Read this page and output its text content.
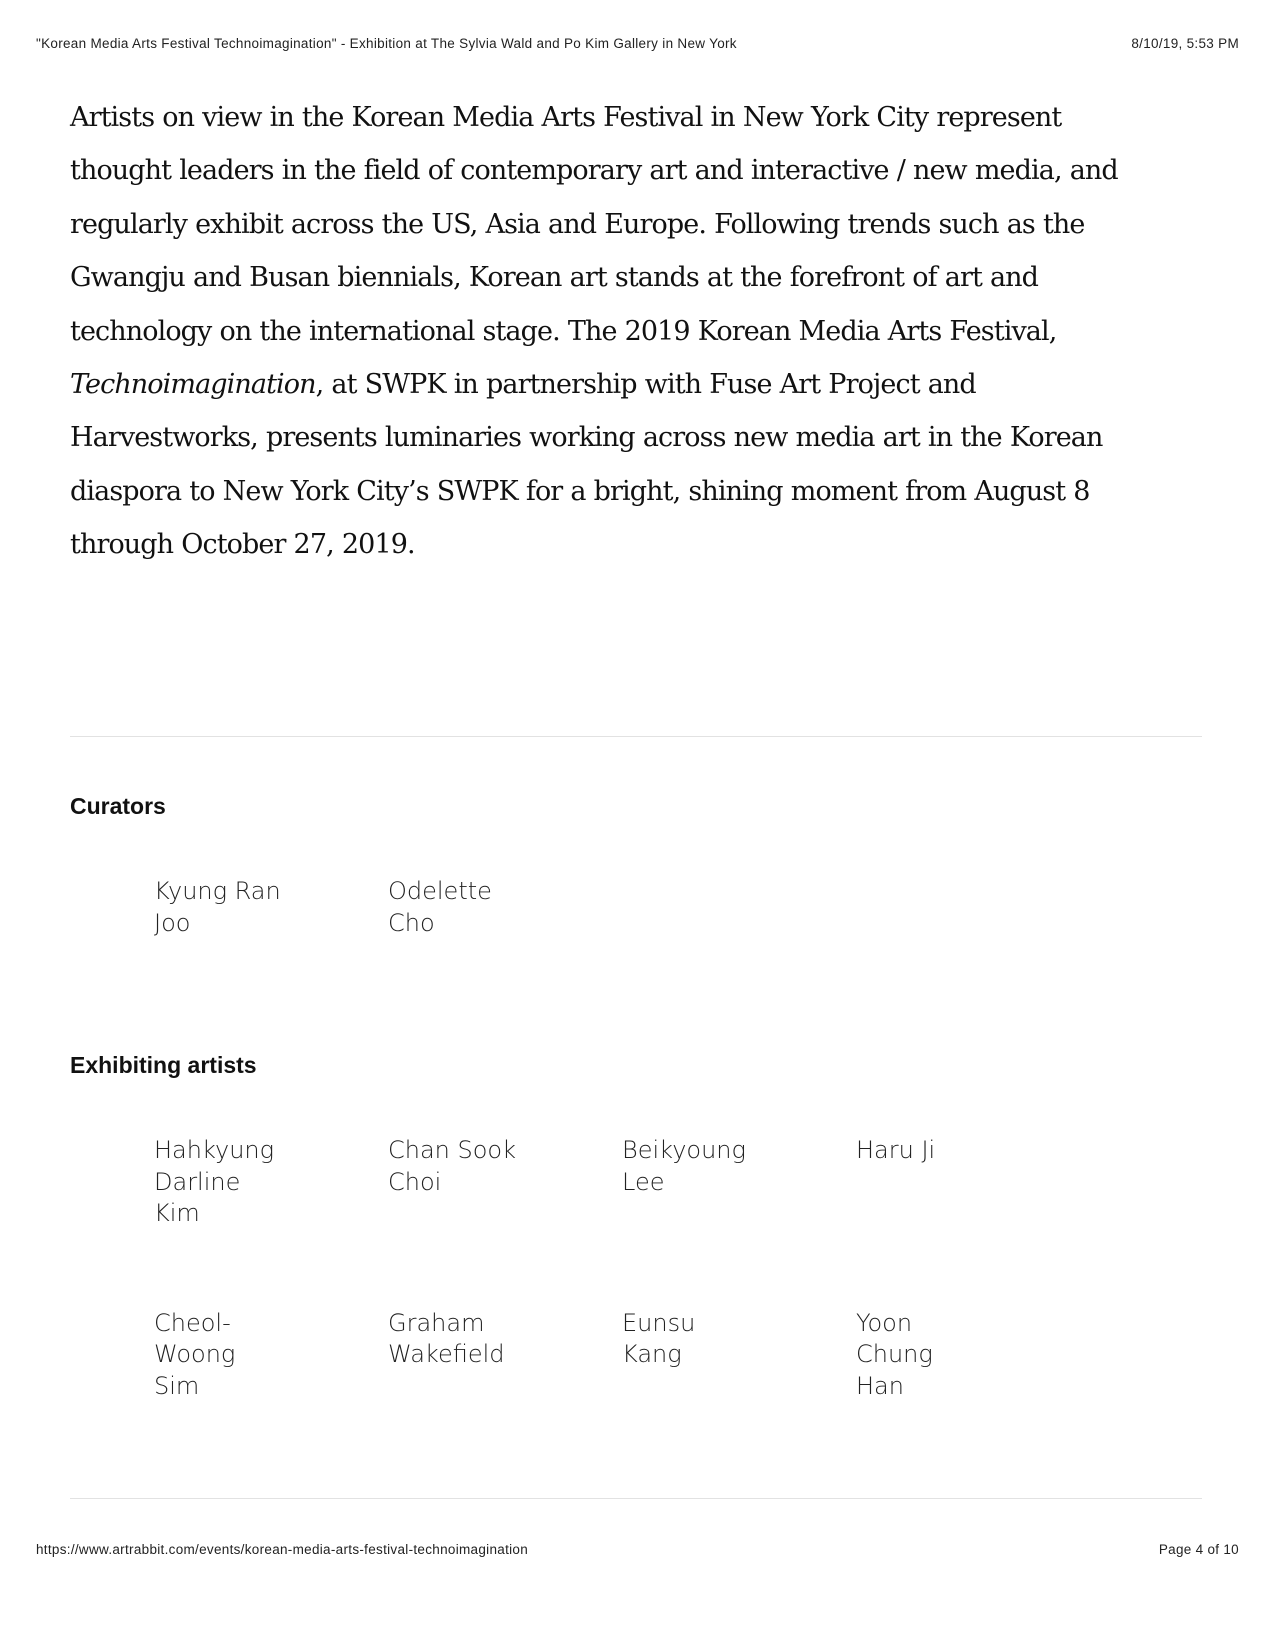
"Korean Media Arts Festival Technoimagination" - Exhibition at The Sylvia Wald and Po Kim Gallery in New York	8/10/19, 5:53 PM

Artists on view in the Korean Media Arts Festival in New York City represent thought leaders in the field of contemporary art and interactive / new media, and regularly exhibit across the US, Asia and Europe. Following trends such as the Gwangju and Busan biennials, Korean art stands at the forefront of art and technology on the international stage. The 2019 Korean Media Arts Festival, Technoimagination, at SWPK in partnership with Fuse Art Project and Harvestworks, presents luminaries working across new media art in the Korean diaspora to New York City’s SWPK for a bright, shining moment from August 8 through October 27, 2019.

Curators
Kyung Ran Joo
Odelette Cho
Exhibiting artists
Hahkyung Darline Kim
Chan Sook Choi
Beikyoung Lee
Haru Ji
Cheol-Woong Sim
Graham Wakefield
Eunsu Kang
Yoon Chung Han
https://www.artrabbit.com/events/korean-media-arts-festival-technoimagination	Page 4 of 10
